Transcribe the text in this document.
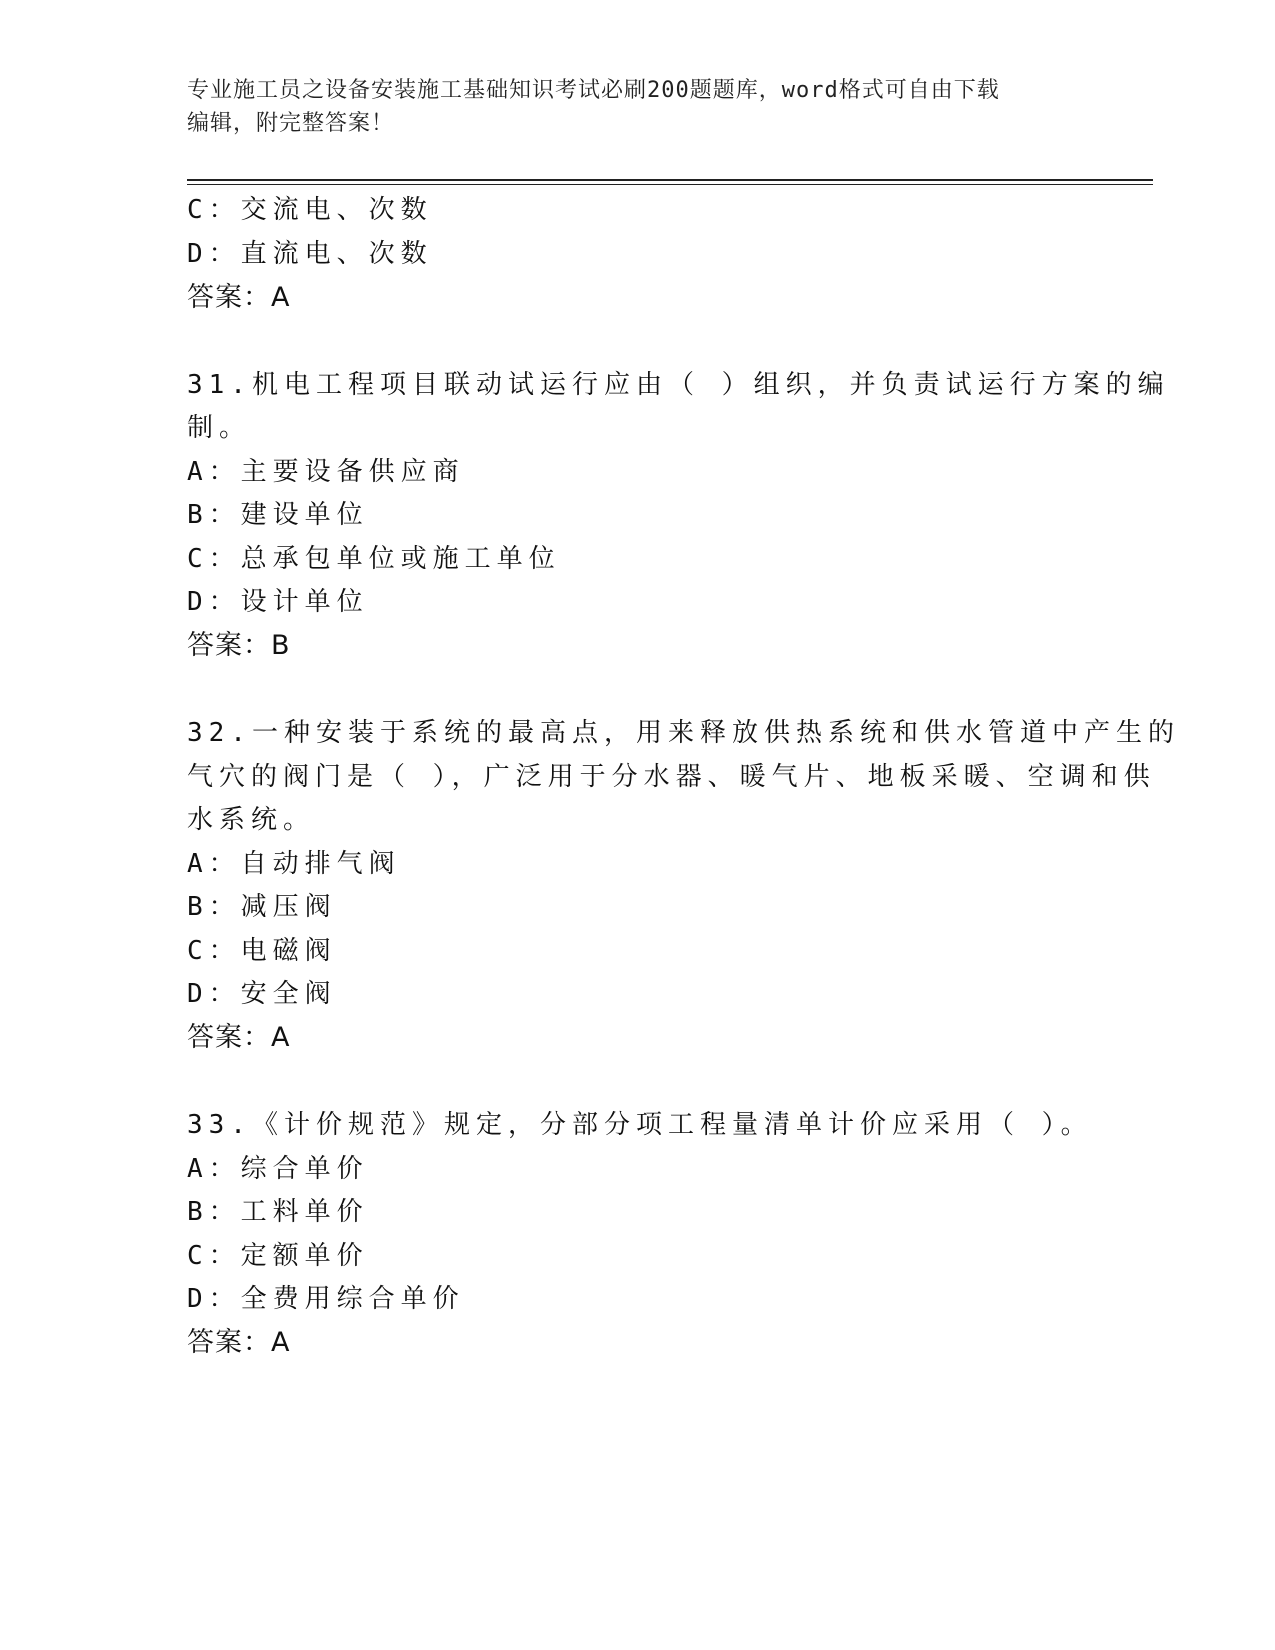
专业施工员之设备安装施工基础知识考试必刷200题题库，word格式可自由下载
编辑，附完整答案！
C：交流电、次数
D：直流电、次数
答案：A
31.机电工程项目联动试运行应由（ ）组织，并负责试运行方案的编
制。
A：主要设备供应商
B：建设单位
C：总承包单位或施工单位
D：设计单位
答案：B
32.一种安装于系统的最高点，用来释放供热系统和供水管道中产生的
气穴的阀门是（ ），广泛用于分水器、暖气片、地板采暖、空调和供
水系统。
A：自动排气阀
B：减压阀
C：电磁阀
D：安全阀
答案：A
33.《计价规范》规定，分部分项工程量清单计价应采用（ ）。
A：综合单价
B：工料单价
C：定额单价
D：全费用综合单价
答案：A
